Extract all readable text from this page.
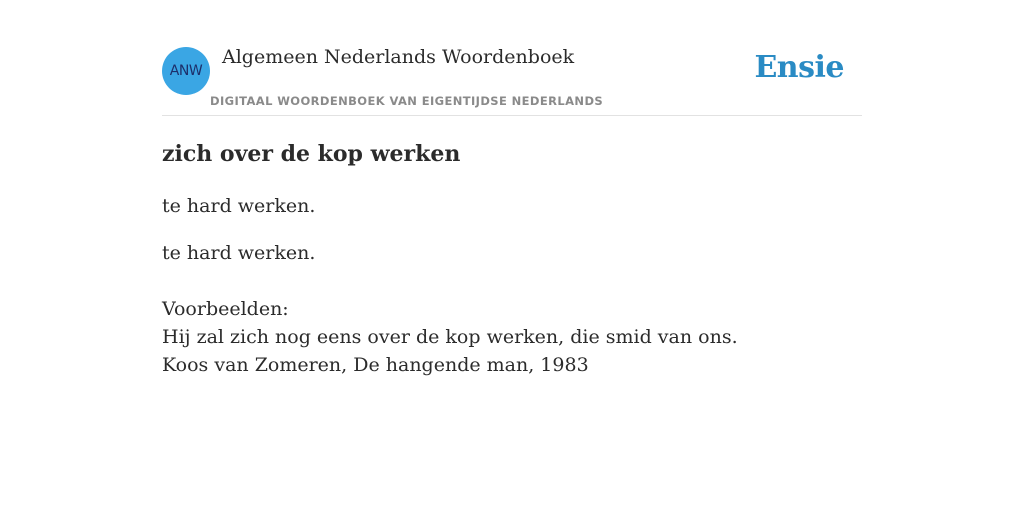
ANW
Algemeen Nederlands Woordenboek
DIGITAAL WOORDENBOEK VAN EIGENTIJDSE NEDERLANDS
Ensie
zich over de kop werken

te hard werken.

te hard werken.

Voorbeelden:
Hij zal zich nog eens over de kop werken, die smid van ons.
Koos van Zomeren, De hangende man, 1983
